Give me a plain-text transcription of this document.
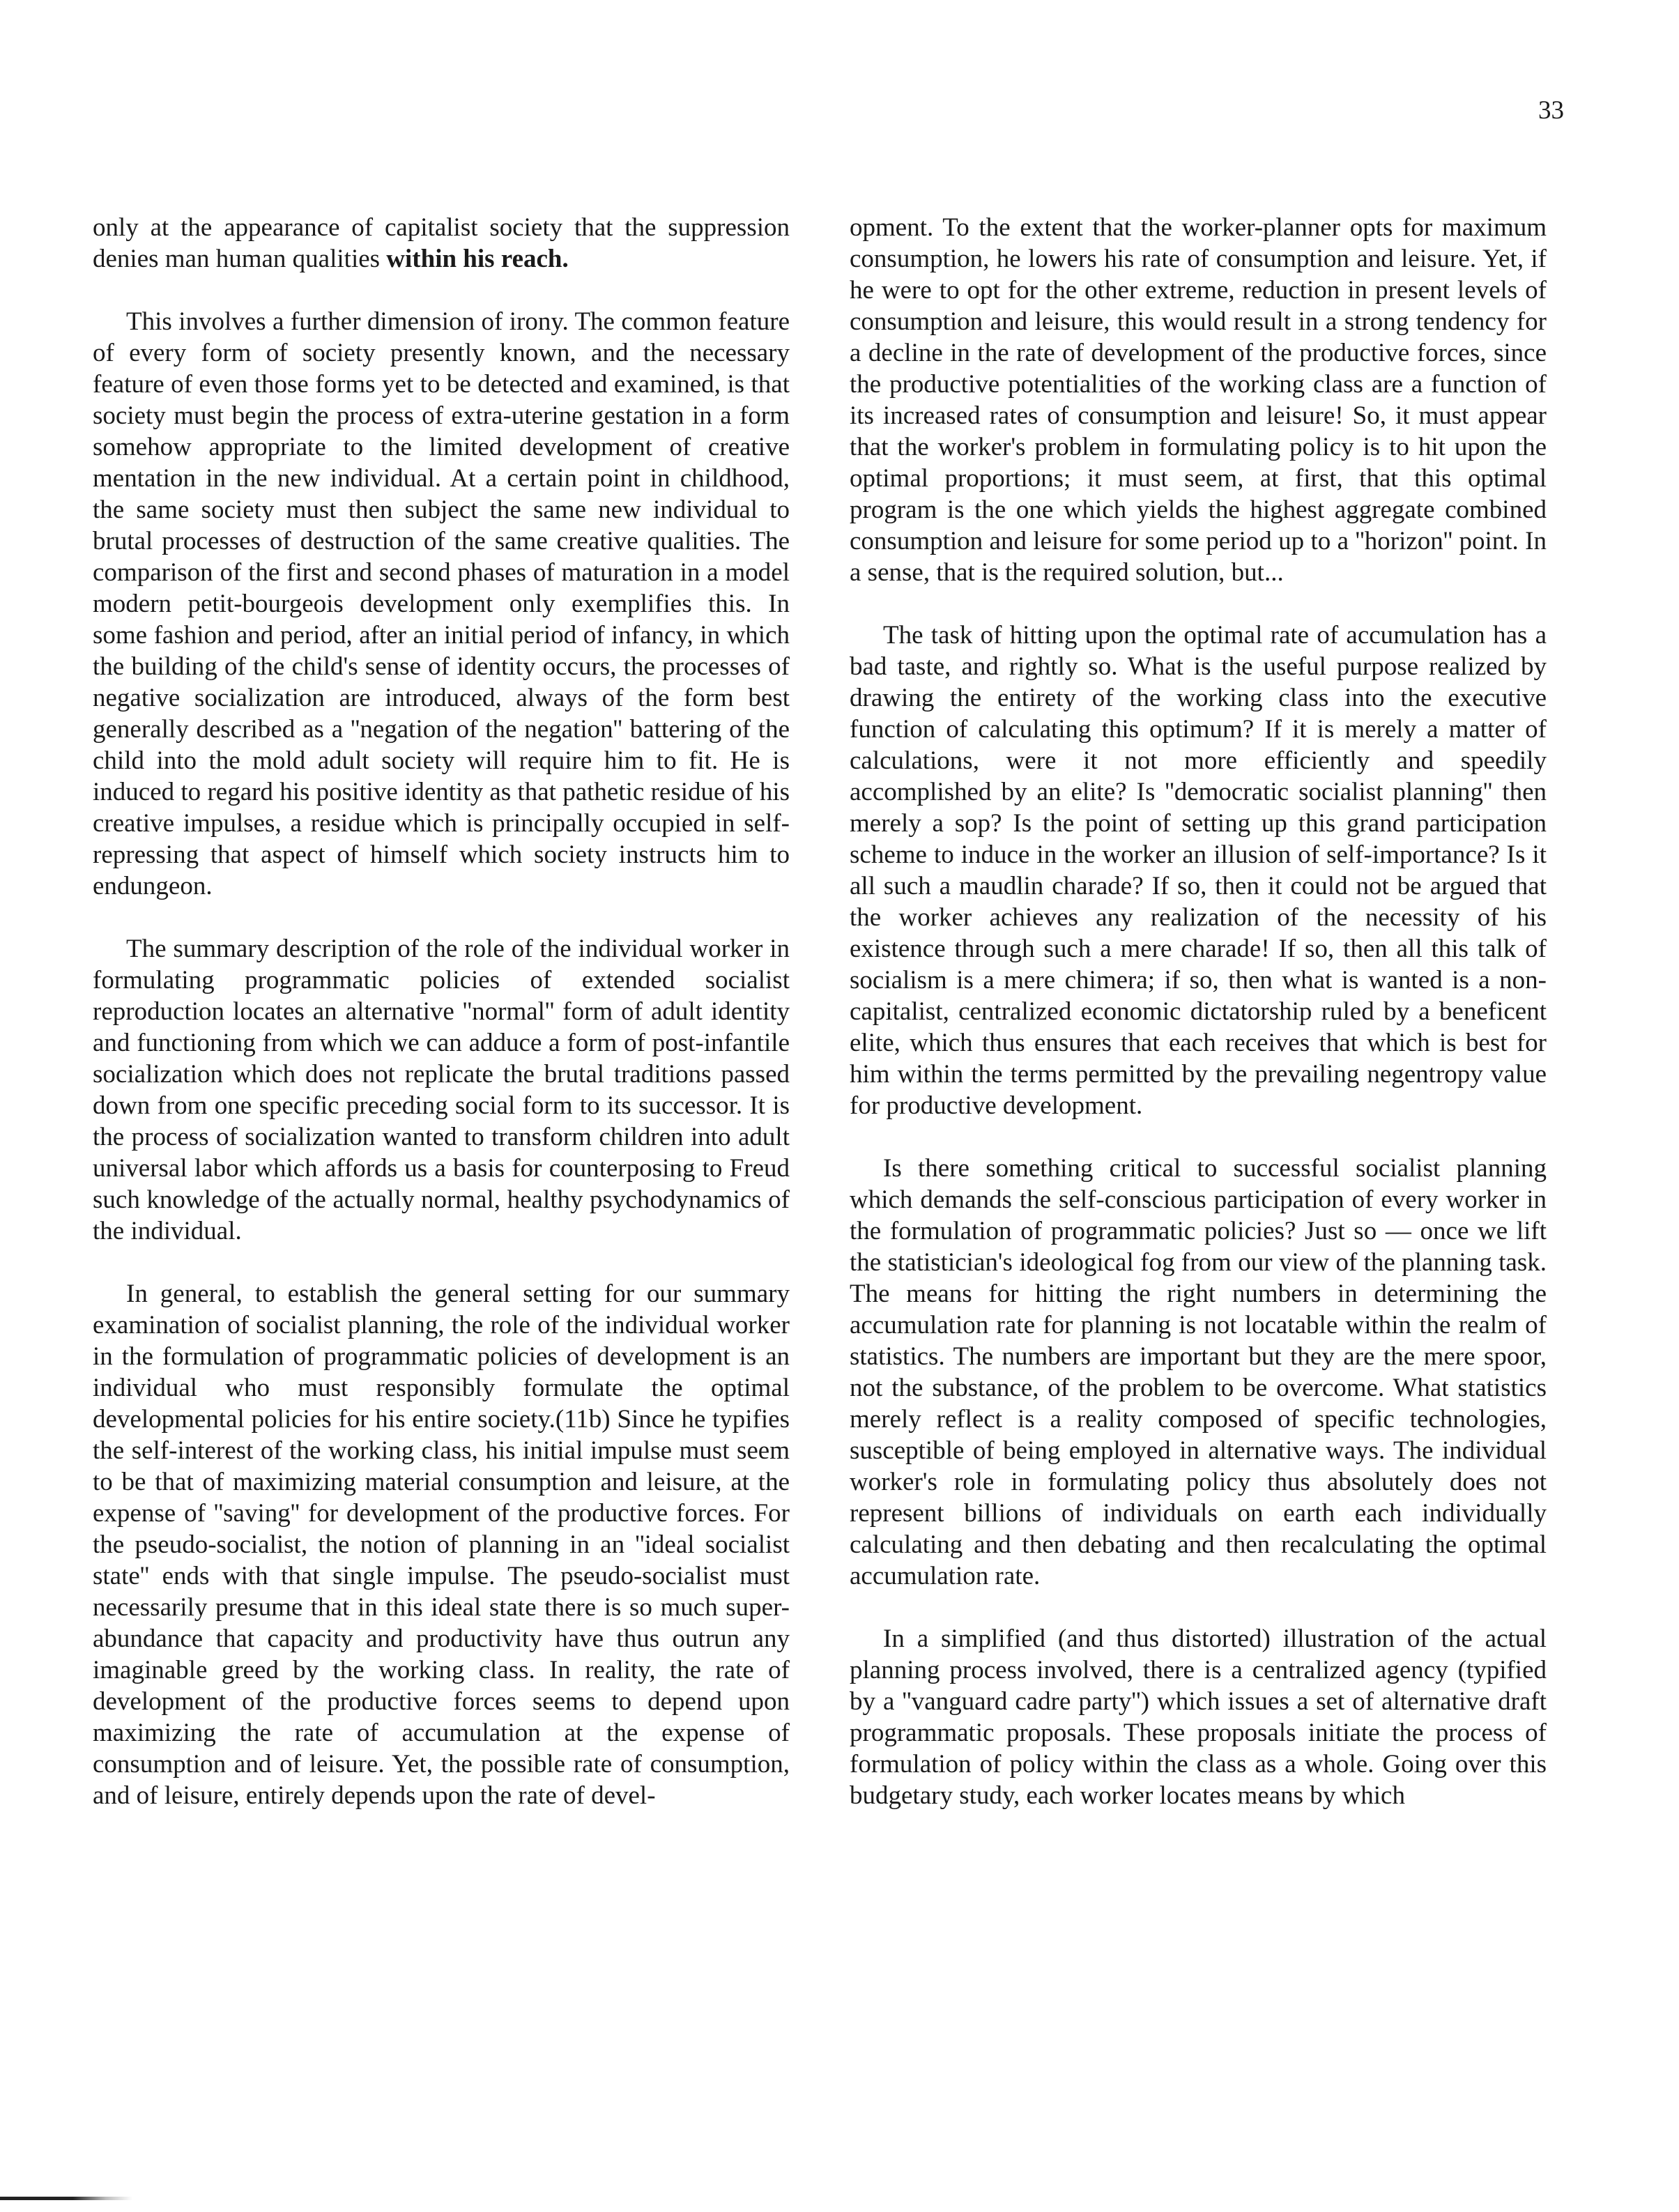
33

only at the appearance of capitalist society that the suppression denies man human qualities within his reach.

This involves a further dimension of irony. The common feature of every form of society presently known, and the necessary feature of even those forms yet to be detected and examined, is that society must begin the process of extra-uterine gestation in a form somehow appropriate to the limited development of creative mentation in the new individual. At a certain point in childhood, the same society must then subject the same new individual to brutal processes of destruction of the same creative qualities. The comparison of the first and second phases of maturation in a model modern petit-bourgeois development only exemplifies this. In some fashion and period, after an initial period of infancy, in which the building of the child's sense of identity occurs, the processes of negative socialization are introduced, always of the form best generally described as a ''negation of the negation'' battering of the child into the mold adult society will require him to fit. He is induced to regard his positive identity as that pathetic residue of his creative impulses, a residue which is principally occupied in self-repressing that aspect of himself which society instructs him to endungeon.

The summary description of the role of the individual worker in formulating programmatic policies of extended socialist reproduction locates an alternative ''normal'' form of adult identity and functioning from which we can adduce a form of post-infantile socialization which does not replicate the brutal traditions passed down from one specific preceding social form to its successor. It is the process of socialization wanted to transform children into adult universal labor which affords us a basis for counterposing to Freud such knowledge of the actually normal, healthy psychodynamics of the individual.

In general, to establish the general setting for our summary examination of socialist planning, the role of the individual worker in the formulation of programmatic policies of development is an individual who must responsibly formulate the optimal developmental policies for his entire society.(11b) Since he typifies the self-interest of the working class, his initial impulse must seem to be that of maximizing material consumption and leisure, at the expense of ''saving'' for development of the productive forces. For the pseudo-socialist, the notion of planning in an ''ideal socialist state'' ends with that single impulse. The pseudo-socialist must necessarily presume that in this ideal state there is so much super-abundance that capacity and productivity have thus outrun any imaginable greed by the working class. In reality, the rate of development of the productive forces seems to depend upon maximizing the rate of accumulation at the expense of consumption and of leisure. Yet, the possible rate of consumption, and of leisure, entirely depends upon the rate of devel-

opment. To the extent that the worker-planner opts for maximum consumption, he lowers his rate of consumption and leisure. Yet, if he were to opt for the other extreme, reduction in present levels of consumption and leisure, this would result in a strong tendency for a decline in the rate of development of the productive forces, since the productive potentialities of the working class are a function of its increased rates of consumption and leisure! So, it must appear that the worker's problem in formulating policy is to hit upon the optimal proportions; it must seem, at first, that this optimal program is the one which yields the highest aggregate combined consumption and leisure for some period up to a ''horizon'' point. In a sense, that is the required solution, but...

The task of hitting upon the optimal rate of accumulation has a bad taste, and rightly so. What is the useful purpose realized by drawing the entirety of the working class into the executive function of calculating this optimum? If it is merely a matter of calculations, were it not more efficiently and speedily accomplished by an elite? Is ''democratic socialist planning'' then merely a sop? Is the point of setting up this grand participation scheme to induce in the worker an illusion of self-importance? Is it all such a maudlin charade? If so, then it could not be argued that the worker achieves any realization of the necessity of his existence through such a mere charade! If so, then all this talk of socialism is a mere chimera; if so, then what is wanted is a non-capitalist, centralized economic dictatorship ruled by a beneficent elite, which thus ensures that each receives that which is best for him within the terms permitted by the prevailing negentropy value for productive development.

Is there something critical to successful socialist planning which demands the self-conscious participation of every worker in the formulation of programmatic policies? Just so — once we lift the statistician's ideological fog from our view of the planning task. The means for hitting the right numbers in determining the accumulation rate for planning is not locatable within the realm of statistics. The numbers are important but they are the mere spoor, not the substance, of the problem to be overcome. What statistics merely reflect is a reality composed of specific technologies, susceptible of being employed in alternative ways. The individual worker's role in formulating policy thus absolutely does not represent billions of individuals on earth each individually calculating and then debating and then recalculating the optimal accumulation rate.

In a simplified (and thus distorted) illustration of the actual planning process involved, there is a centralized agency (typified by a ''vanguard cadre party'') which issues a set of alternative draft programmatic proposals. These proposals initiate the process of formulation of policy within the class as a whole. Going over this budgetary study, each worker locates means by which
